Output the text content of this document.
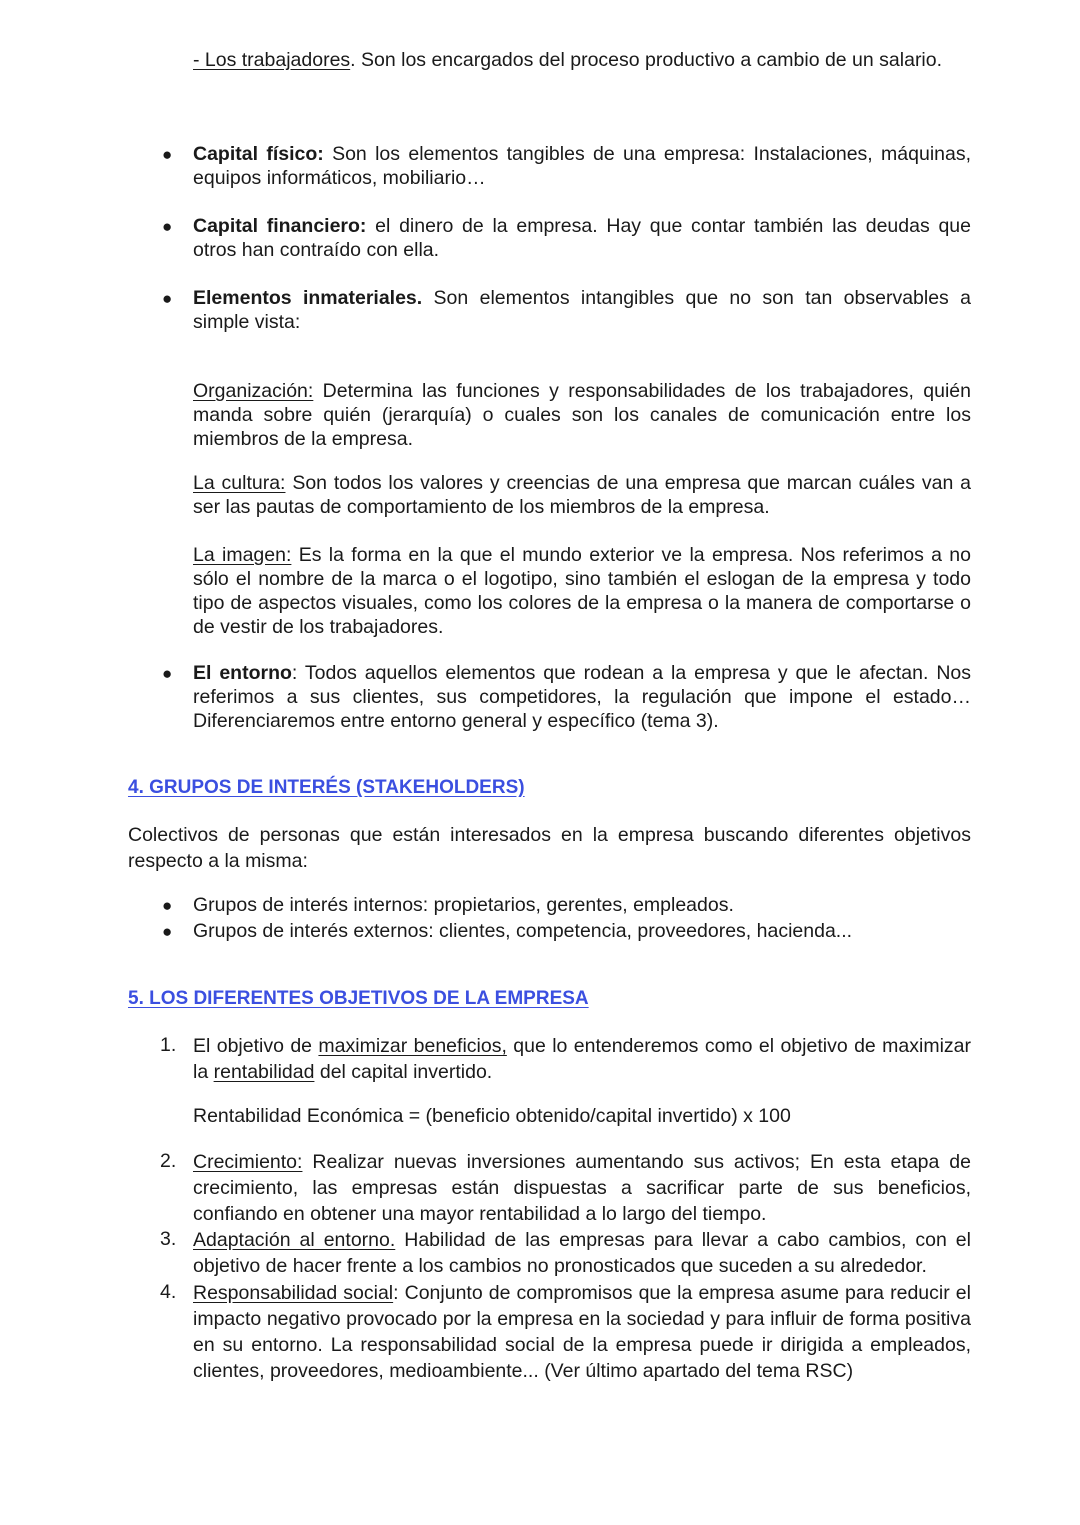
- Los trabajadores. Son los encargados del proceso productivo a cambio de un salario.

● Capital físico: Son los elementos tangibles de una empresa: Instalaciones, máquinas, equipos informáticos, mobiliario…

● Capital financiero: el dinero de la empresa. Hay que contar también las deudas que otros han contraído con ella.

● Elementos inmateriales. Son elementos intangibles que no son tan observables a simple vista:

Organización: Determina las funciones y responsabilidades de los trabajadores, quién manda sobre quién (jerarquía) o cuales son los canales de comunicación entre los miembros de la empresa.

La cultura: Son todos los valores y creencias de una empresa que marcan cuáles van a ser las pautas de comportamiento de los miembros de la empresa.

La imagen: Es la forma en la que el mundo exterior ve la empresa. Nos referimos a no sólo el nombre de la marca o el logotipo, sino también el eslogan de la empresa y todo tipo de aspectos visuales, como los colores de la empresa o la manera de comportarse o de vestir de los trabajadores.

● El entorno: Todos aquellos elementos que rodean a la empresa y que le afectan. Nos referimos a sus clientes, sus competidores, la regulación que impone el estado…Diferenciaremos entre entorno general y específico (tema 3).

4. GRUPOS DE INTERÉS (STAKEHOLDERS)

Colectivos de personas que están interesados en la empresa buscando diferentes objetivos respecto a la misma:

● Grupos de interés internos: propietarios, gerentes, empleados.

● Grupos de interés externos: clientes, competencia, proveedores, hacienda...

5. LOS DIFERENTES OBJETIVOS DE LA EMPRESA
1. El objetivo de maximizar beneficios, que lo entenderemos como el objetivo de maximizar la rentabilidad del capital invertido.

Rentabilidad Económica = (beneficio obtenido/capital invertido) x 100

2. Crecimiento: Realizar nuevas inversiones aumentando sus activos; En esta etapa de crecimiento, las empresas están dispuestas a sacrificar parte de sus beneficios, confiando en obtener una mayor rentabilidad a lo largo del tiempo.

3. Adaptación al entorno. Habilidad de las empresas para llevar a cabo cambios, con el objetivo de hacer frente a los cambios no pronosticados que suceden a su alrededor.

4. Responsabilidad social: Conjunto de compromisos que la empresa asume para reducir el impacto negativo provocado por la empresa en la sociedad y para influir de forma positiva en su entorno. La responsabilidad social de la empresa puede ir dirigida a empleados, clientes, proveedores, medioambiente... (Ver último apartado del tema RSC)
